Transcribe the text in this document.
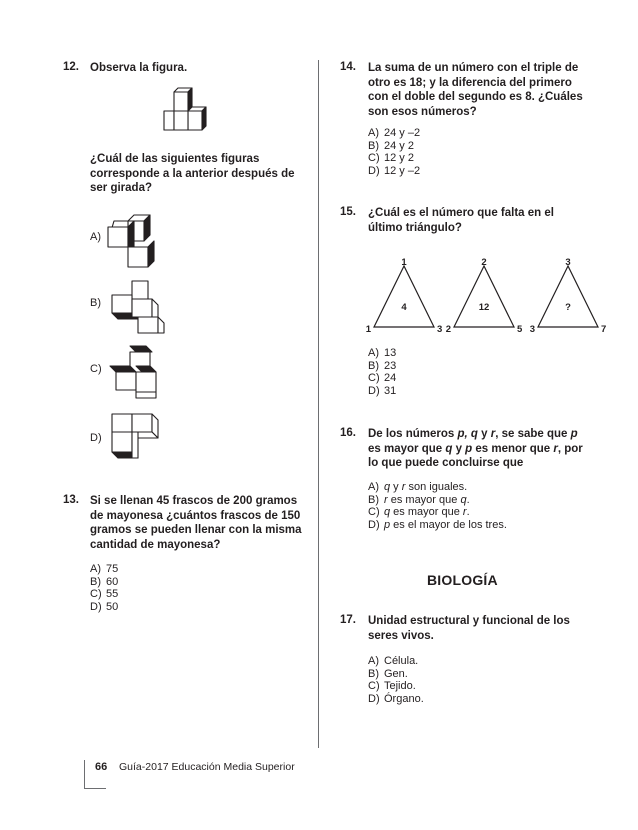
12. Observa la figura.
¿Cuál de las siguientes figuras corresponde a la anterior después de ser girada?
A)
B)
C)
D)
13. Si se llenan 45 frascos de 200 gramos de mayonesa ¿cuántos frascos de 150 gramos se pueden llenar con la misma cantidad de mayonesa?
A) 75
B) 60
C) 55
D) 50
14. La suma de un número con el triple de otro es 18; y la diferencia del primero con el doble del segundo es 8. ¿Cuáles son esos números?
A) 24 y –2
B) 24 y 2
C) 12 y 2
D) 12 y –2
15. ¿Cuál es el número que falta en el último triángulo?
1
1	3
4
2
2	5
12
3
3	7
?
A) 13
B) 23
C) 24
D) 31
16. De los números p, q y r, se sabe que p es mayor que q y p es menor que r, por lo que puede concluirse que
A) q y r son iguales.
B) r es mayor que q.
C) q es mayor que r.
D) p es el mayor de los tres.
BIOLOGÍA
17. Unidad estructural y funcional de los seres vivos.
A) Célula.
B) Gen.
C) Tejido.
D) Órgano.
66 Guía-2017 Educación Media Superior
